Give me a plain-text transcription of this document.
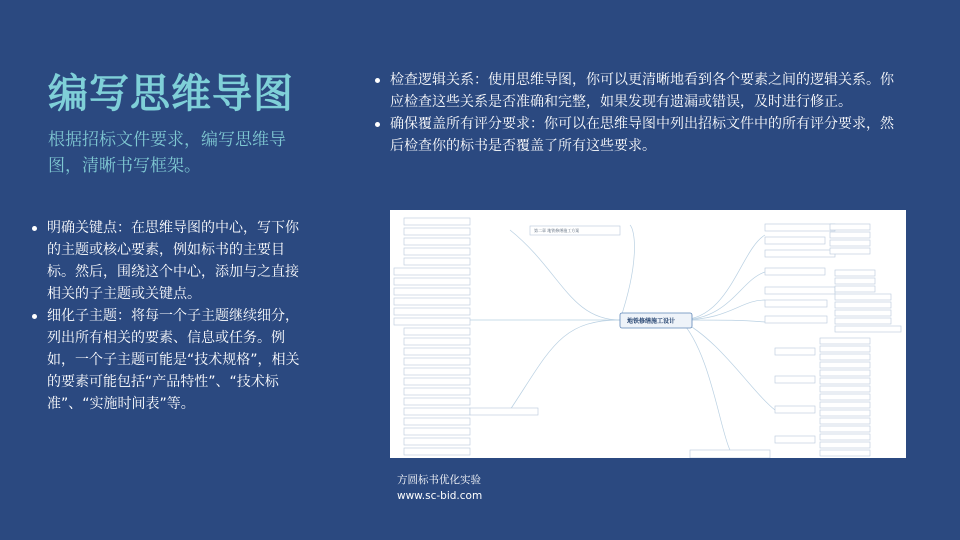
编写思维导图

根据招标文件要求，编写思维导图，清晰书写框架。

明确关键点：在思维导图的中心，写下你的主题或核心要素，例如标书的主要目标。然后，围绕这个中心，添加与之直接相关的子主题或关键点。
细化子主题：将每一个子主题继续细分，列出所有相关的要素、信息或任务。例如，一个子主题可能是“技术规格”，相关的要素可能包括“产品特性”、“技术标准”、“实施时间表”等。
检查逻辑关系：使用思维导图，你可以更清晰地看到各个要素之间的逻辑关系。你应检查这些关系是否准确和完整，如果发现有遗漏或错误，及时进行修正。
确保覆盖所有评分要求：你可以在思维导图中列出招标文件中的所有评分要求，然后检查你的标书是否覆盖了所有这些要求。
第二章 地铁修缮施工方案
地铁修缮施工设计
方圆标书优化实验
www.sc-bid.com
